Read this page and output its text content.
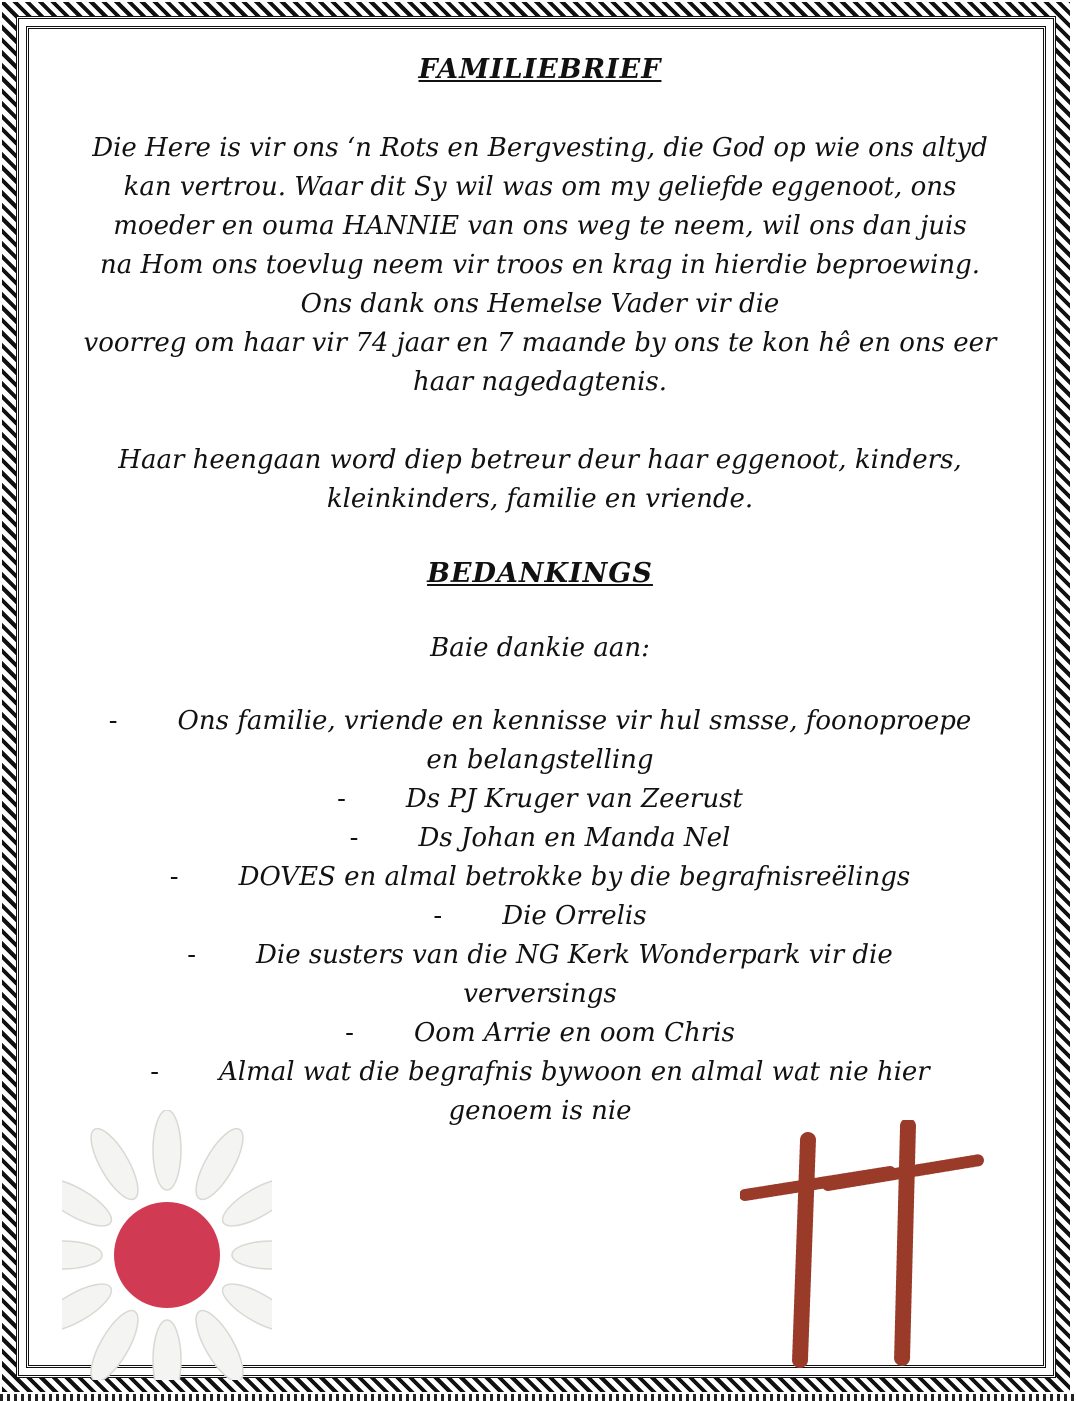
FAMILIEBRIEF

Die Here is vir ons ‘n Rots en Bergvesting, die God op wie ons altyd
kan vertrou. Waar dit Sy wil was om my geliefde eggenoot, ons
moeder en ouma HANNIE van ons weg te neem, wil ons dan juis
na Hom ons toevlug neem vir troos en krag in hierdie beproewing.
Ons dank ons Hemelse Vader vir die
voorreg om haar vir 74 jaar en 7 maande by ons te kon hê en ons eer
haar nagedagtenis.
Haar heengaan word diep betreur deur haar eggenoot, kinders,
kleinkinders, familie en vriende.

BEDANKINGS

Baie dankie aan:
- Ons familie, vriende en kennisse vir hul smsse, foonoproepe
en belangstelling
- Ds PJ Kruger van Zeerust
- Ds Johan en Manda Nel
- DOVES en almal betrokke by die begrafnisreëlings
- Die Orrelis
- Die susters van die NG Kerk Wonderpark vir die
verversings
- Oom Arrie en oom Chris
- Almal wat die begrafnis bywoon en almal wat nie hier
genoem is nie
